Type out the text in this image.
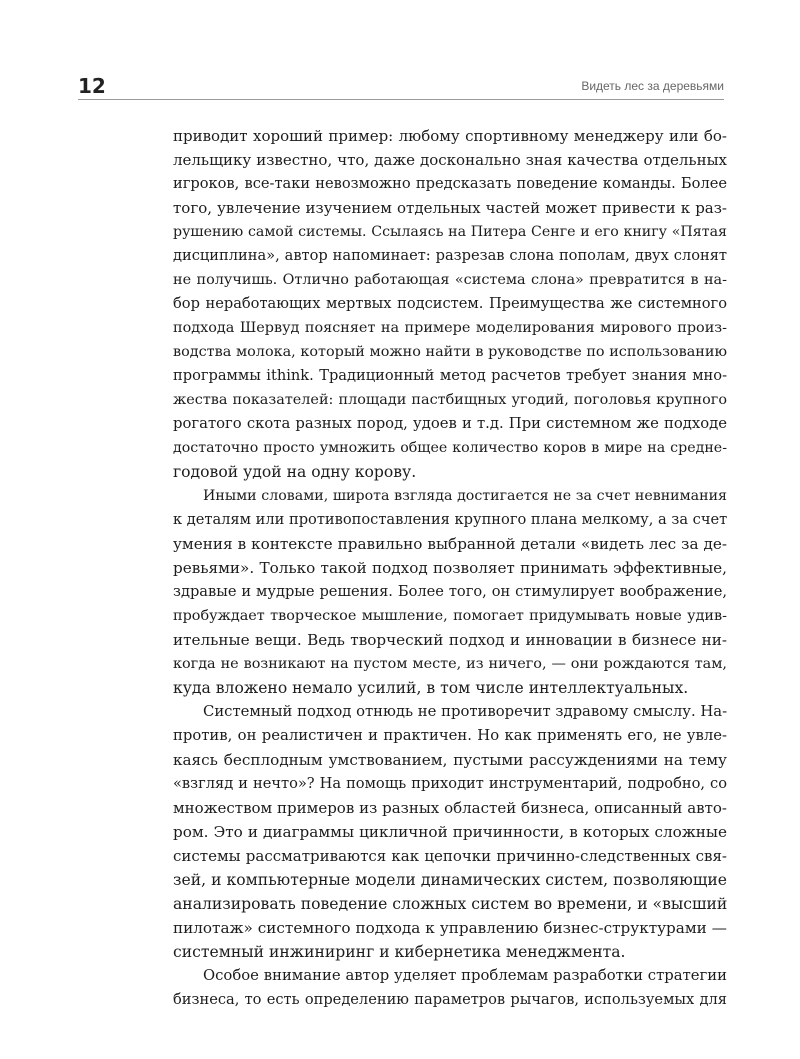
12	Видеть лес за деревьями
приводит хороший пример: любому спортивному менеджеру или бо-
лельщику известно, что, даже досконально зная качества отдельных
игроков, все-таки невозможно предсказать поведение команды. Более
того, увлечение изучением отдельных частей может привести к раз-
рушению самой системы. Ссылаясь на Питера Сенге и его книгу «Пятая
дисциплина», автор напоминает: разрезав слона пополам, двух слонят
не получишь. Отлично работающая «система слона» превратится в на-
бор неработающих мертвых подсистем. Преимущества же системного
подхода Шервуд поясняет на примере моделирования мирового произ-
водства молока, который можно найти в руководстве по использованию
программы ithink. Традиционный метод расчетов требует знания мно-
жества показателей: площади пастбищных угодий, поголовья крупного
рогатого скота разных пород, удоев и т.д. При системном же подходе
достаточно просто умножить общее количество коров в мире на средне-
годовой удой на одну корову.
Иными словами, широта взгляда достигается не за счет невнимания
к деталям или противопоставления крупного плана мелкому, а за счет
умения в контексте правильно выбранной детали «видеть лес за де-
ревьями». Только такой подход позволяет принимать эффективные,
здравые и мудрые решения. Более того, он стимулирует воображение,
пробуждает творческое мышление, помогает придумывать новые удив-
ительные вещи. Ведь творческий подход и инновации в бизнесе ни-
когда не возникают на пустом месте, из ничего, — они рождаются там,
куда вложено немало усилий, в том числе интеллектуальных.
Системный подход отнюдь не противоречит здравому смыслу. На-
против, он реалистичен и практичен. Но как применять его, не увле-
каясь бесплодным умствованием, пустыми рассуждениями на тему
«взгляд и нечто»? На помощь приходит инструментарий, подробно, со
множеством примеров из разных областей бизнеса, описанный авто-
ром. Это и диаграммы цикличной причинности, в которых сложные
системы рассматриваются как цепочки причинно-следственных свя-
зей, и компьютерные модели динамических систем, позволяющие
анализировать поведение сложных систем во времени, и «высший
пилотаж» системного подхода к управлению бизнес-структурами —
системный инжиниринг и кибернетика менеджмента.
Особое внимание автор уделяет проблемам разработки стратегии
бизнеса, то есть определению параметров рычагов, используемых для
